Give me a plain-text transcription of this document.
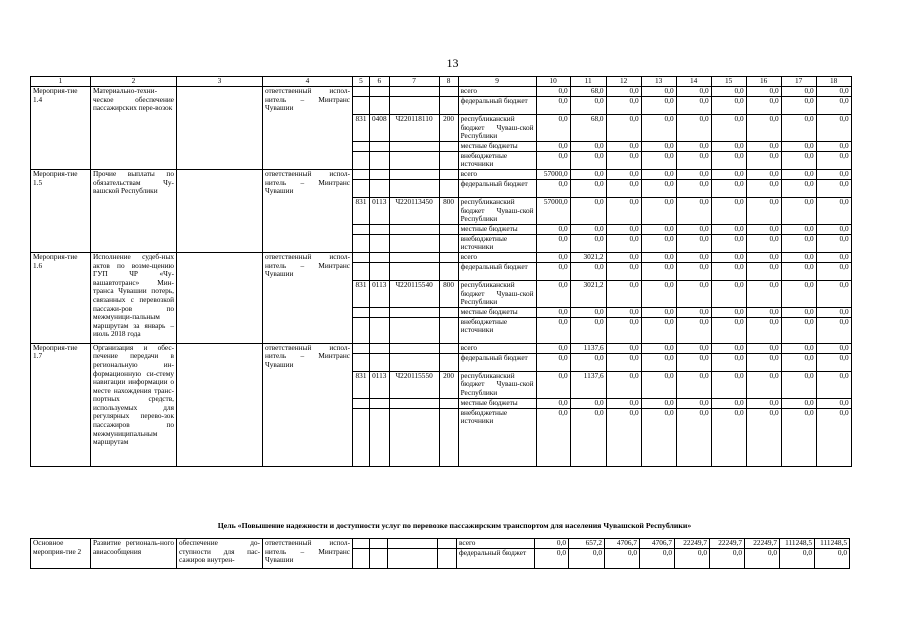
13
1	2	3	4	5	6	7	8	9	10	11	12	13	14	15	16	17	18
Мероприя-тие 1.4	Материально-техни-ческое обеспечение пассажирских пере-возок		ответственный испол-нитель – Минтранс Чувашии					всего	0,0	68,0	0,0	0,0	0,0	0,0	0,0	0,0	0,0
								федеральный бюджет	0,0	0,0	0,0	0,0	0,0	0,0	0,0	0,0	0,0
				831	0408	Ч220118110	200	республиканский бюджет Чуваш-ской Республики	0,0	68,0	0,0	0,0	0,0	0,0	0,0	0,0	0,0
								местные бюджеты	0,0	0,0	0,0	0,0	0,0	0,0	0,0	0,0	0,0
								внебюджетные источники	0,0	0,0	0,0	0,0	0,0	0,0	0,0	0,0	0,0
Мероприя-тие 1.5	Прочие выплаты по обязательствам Чу-вашской Республики		ответственный испол-нитель – Минтранс Чувашии					всего	57000,0	0,0	0,0	0,0	0,0	0,0	0,0	0,0	0,0
								федеральный бюджет	0,0	0,0	0,0	0,0	0,0	0,0	0,0	0,0	0,0
				831	0113	Ч220113450	800	республиканский бюджет Чуваш-ской Республики	57000,0	0,0	0,0	0,0	0,0	0,0	0,0	0,0	0,0
								местные бюджеты	0,0	0,0	0,0	0,0	0,0	0,0	0,0	0,0	0,0
								внебюджетные источники	0,0	0,0	0,0	0,0	0,0	0,0	0,0	0,0	0,0
Мероприя-тие 1.6	Исполнение судеб-ных актов по возме-щению ГУП ЧР «Чу-вашавтотранс» Мин-транса Чувашии потерь, связанных с перевозкой пассажи-ров по межмуници-пальным маршрутам за январь – июль 2018 года		ответственный испол-нитель – Минтранс Чувашии					всего	0,0	3021,2	0,0	0,0	0,0	0,0	0,0	0,0	0,0
								федеральный бюджет	0,0	0,0	0,0	0,0	0,0	0,0	0,0	0,0	0,0
				831	0113	Ч220115540	800	республиканский бюджет Чуваш-ской Республики	0,0	3021,2	0,0	0,0	0,0	0,0	0,0	0,0	0,0
								местные бюджеты	0,0	0,0	0,0	0,0	0,0	0,0	0,0	0,0	0,0
								внебюджетные источники	0,0	0,0	0,0	0,0	0,0	0,0	0,0	0,0	0,0
Мероприя-тие 1.7	Организация и обес-печение передачи в региональную ин-формационную си-стему навигации информации о месте нахождения транс-портных средств, используемых для регулярных перево-зок пассажиров по межмуниципальным маршрутам		ответственный испол-нитель – Минтранс Чувашии					всего	0,0	1137,6	0,0	0,0	0,0	0,0	0,0	0,0	0,0
								федеральный бюджет	0,0	0,0	0,0	0,0	0,0	0,0	0,0	0,0	0,0
				831	0113	Ч220115550	200	республиканский бюджет Чуваш-ской Республики	0,0	1137,6	0,0	0,0	0,0	0,0	0,0	0,0	0,0
								местные бюджеты	0,0	0,0	0,0	0,0	0,0	0,0	0,0	0,0	0,0
								внебюджетные источники	0,0	0,0	0,0	0,0	0,0	0,0	0,0	0,0	0,0
Цель «Повышение надежности и доступности услуг по перевозке пассажирским транспортом для населения Чувашской Республики»
Основное мероприя-тие 2	Развитие региональ-ного авиасообщения	обеспечение до-ступности для пас-сажиров внутрен-	ответственный испол-нитель – Минтранс Чувашии					всего	0,0	657,2	4706,7	4706,7	22249,7	22249,7	22249,7	111248,5	111248,5
								федеральный бюджет	0,0	0,0	0,0	0,0	0,0	0,0	0,0	0,0	0,0
